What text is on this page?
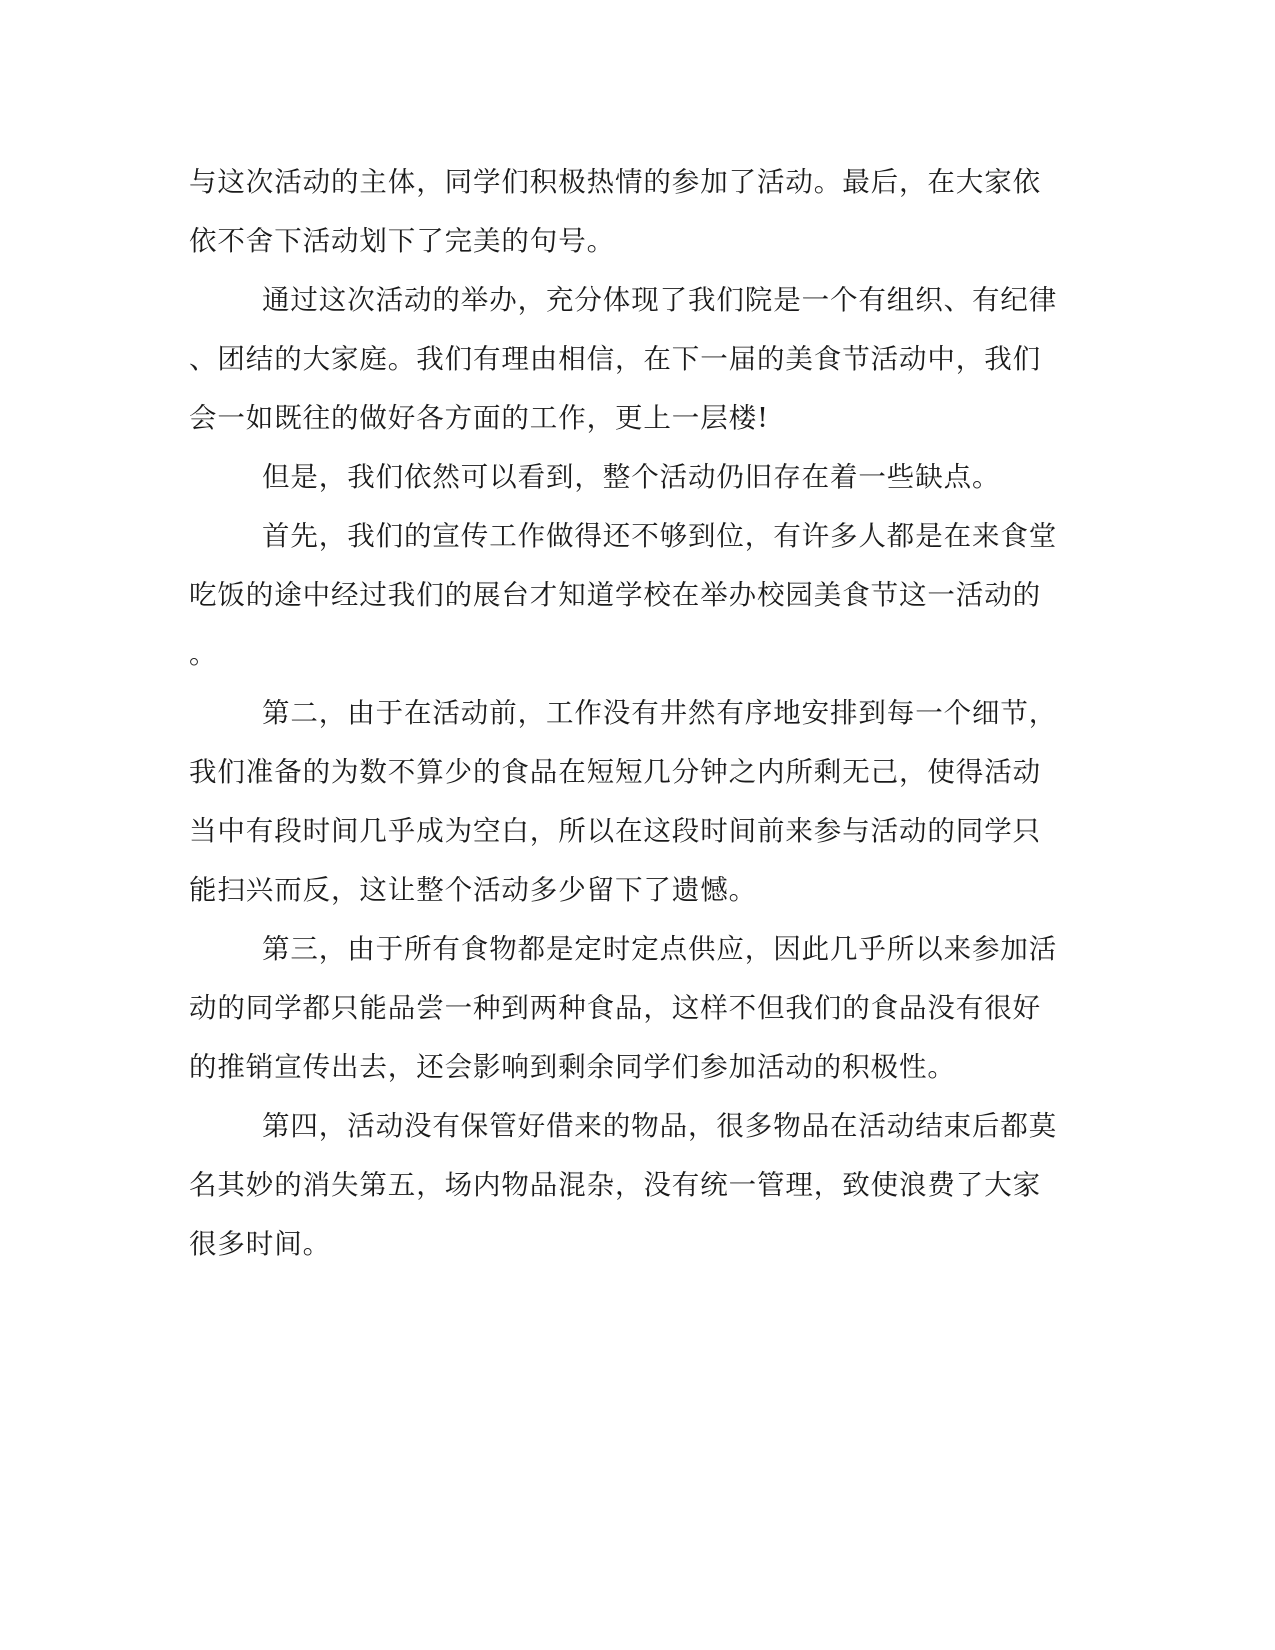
与这次活动的主体，同学们积极热情的参加了活动。最后，在大家依
依不舍下活动划下了完美的句号。
通过这次活动的举办，充分体现了我们院是一个有组织、有纪律
、团结的大家庭。我们有理由相信，在下一届的美食节活动中，我们
会一如既往的做好各方面的工作，更上一层楼!
但是，我们依然可以看到，整个活动仍旧存在着一些缺点。
首先，我们的宣传工作做得还不够到位，有许多人都是在来食堂
吃饭的途中经过我们的展台才知道学校在举办校园美食节这一活动的
。
第二，由于在活动前，工作没有井然有序地安排到每一个细节，
我们准备的为数不算少的食品在短短几分钟之内所剩无己，使得活动
当中有段时间几乎成为空白，所以在这段时间前来参与活动的同学只
能扫兴而反，这让整个活动多少留下了遗憾。
第三，由于所有食物都是定时定点供应，因此几乎所以来参加活
动的同学都只能品尝一种到两种食品，这样不但我们的食品没有很好
的推销宣传出去，还会影响到剩余同学们参加活动的积极性。
第四，活动没有保管好借来的物品，很多物品在活动结束后都莫
名其妙的消失第五，场内物品混杂，没有统一管理，致使浪费了大家
很多时间。
